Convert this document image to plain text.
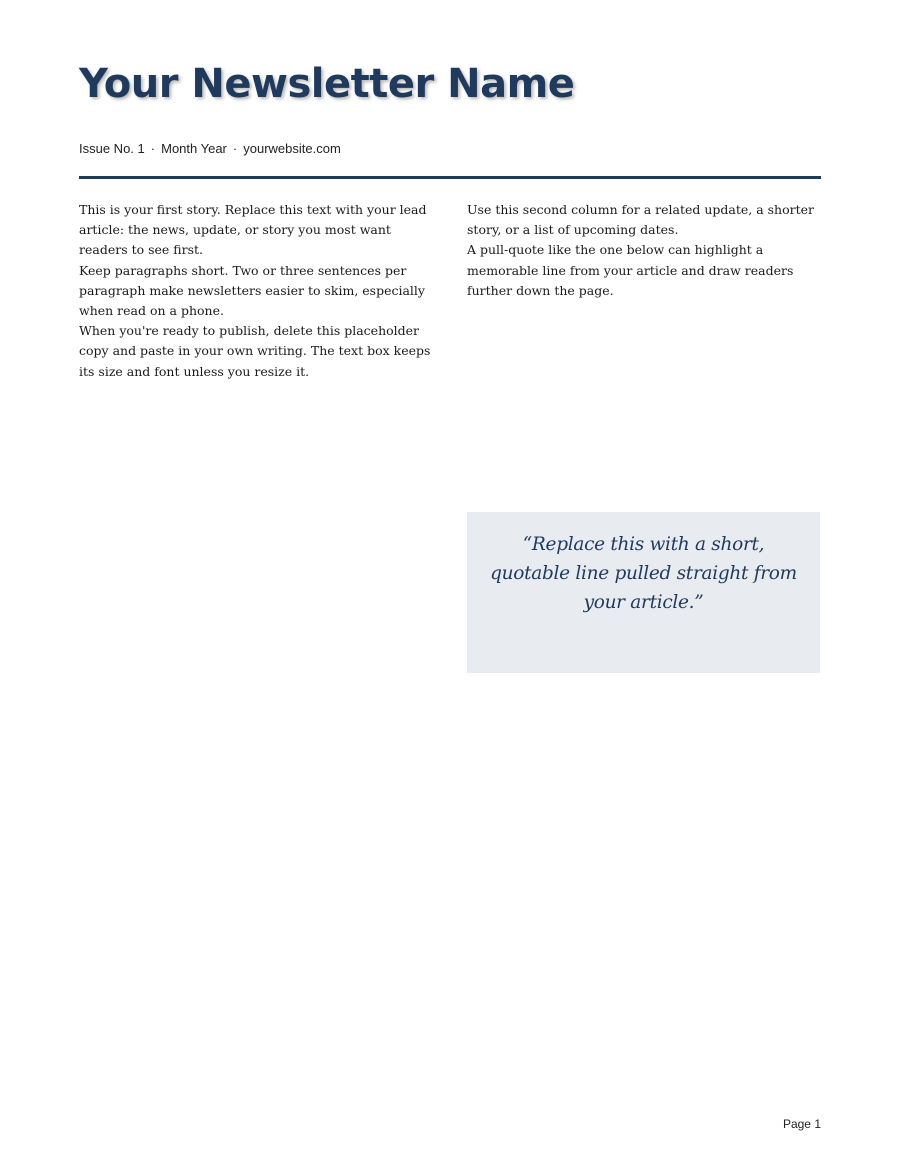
Your Newsletter Name
Issue No. 1 · Month Year · yourwebsite.com

This is your first story. Replace this text with your lead article: the news, update, or story you most want readers to see first.

Keep paragraphs short. Two or three sentences per paragraph make newsletters easier to skim, especially when read on a phone.

When you're ready to publish, delete this placeholder copy and paste in your own writing. The text box keeps its size and font unless you resize it.

Use this second column for a related update, a shorter story, or a list of upcoming dates.

A pull-quote like the one below can highlight a memorable line from your article and draw readers further down the page.

“Replace this with a short, quotable line pulled straight from your article.”
Page 1
